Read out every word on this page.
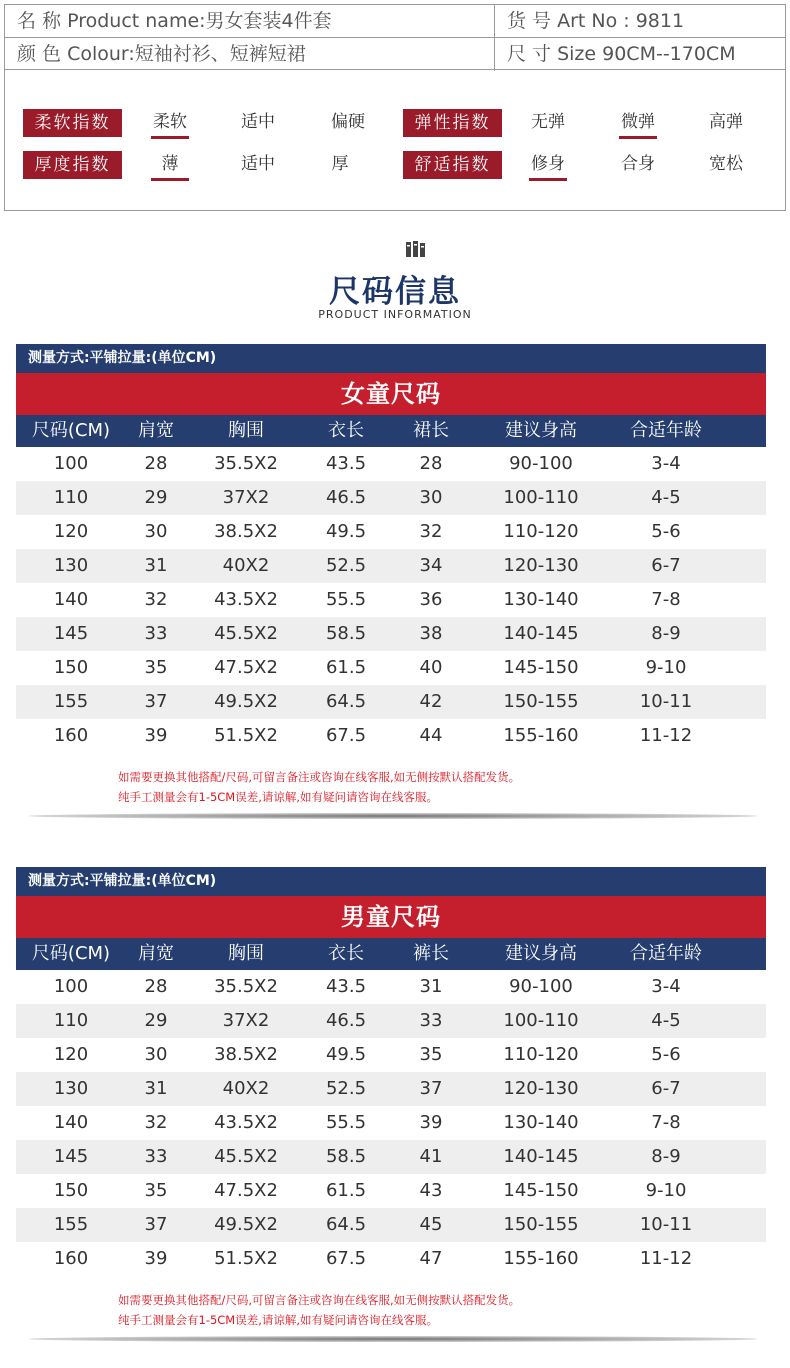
名 称 Product name:男女套装4件套	货 号 Art No : 9811
颜 色 Colour:短袖衬衫、短裤短裙	尺 寸 Size 90CM--170CM
柔软指数	柔软	适中	偏硬	弹性指数	无弹	微弹	高弹
厚度指数	薄	适中	厚	舒适指数	修身	合身	宽松
尺码信息
PRODUCT INFORMATION
测量方式:平铺拉量:(单位CM)
女童尺码
尺码(CM)	肩宽	胸围	衣长	裙长	建议身高	合适年龄
100	28	35.5X2	43.5	28	90-100	3-4
110	29	37X2	46.5	30	100-110	4-5
120	30	38.5X2	49.5	32	110-120	5-6
130	31	40X2	52.5	34	120-130	6-7
140	32	43.5X2	55.5	36	130-140	7-8
145	33	45.5X2	58.5	38	140-145	8-9
150	35	47.5X2	61.5	40	145-150	9-10
155	37	49.5X2	64.5	42	150-155	10-11
160	39	51.5X2	67.5	44	155-160	11-12
如需要更换其他搭配/尺码,可留言备注或咨询在线客服,如无侧按默认搭配发货。
纯手工测量会有1-5CM误差,请谅解,如有疑问请咨询在线客服。
测量方式:平铺拉量:(单位CM)
男童尺码
尺码(CM)	肩宽	胸围	衣长	裤长	建议身高	合适年龄
100	28	35.5X2	43.5	31	90-100	3-4
110	29	37X2	46.5	33	100-110	4-5
120	30	38.5X2	49.5	35	110-120	5-6
130	31	40X2	52.5	37	120-130	6-7
140	32	43.5X2	55.5	39	130-140	7-8
145	33	45.5X2	58.5	41	140-145	8-9
150	35	47.5X2	61.5	43	145-150	9-10
155	37	49.5X2	64.5	45	150-155	10-11
160	39	51.5X2	67.5	47	155-160	11-12
如需要更换其他搭配/尺码,可留言备注或咨询在线客服,如无侧按默认搭配发货。
纯手工测量会有1-5CM误差,请谅解,如有疑问请咨询在线客服。
